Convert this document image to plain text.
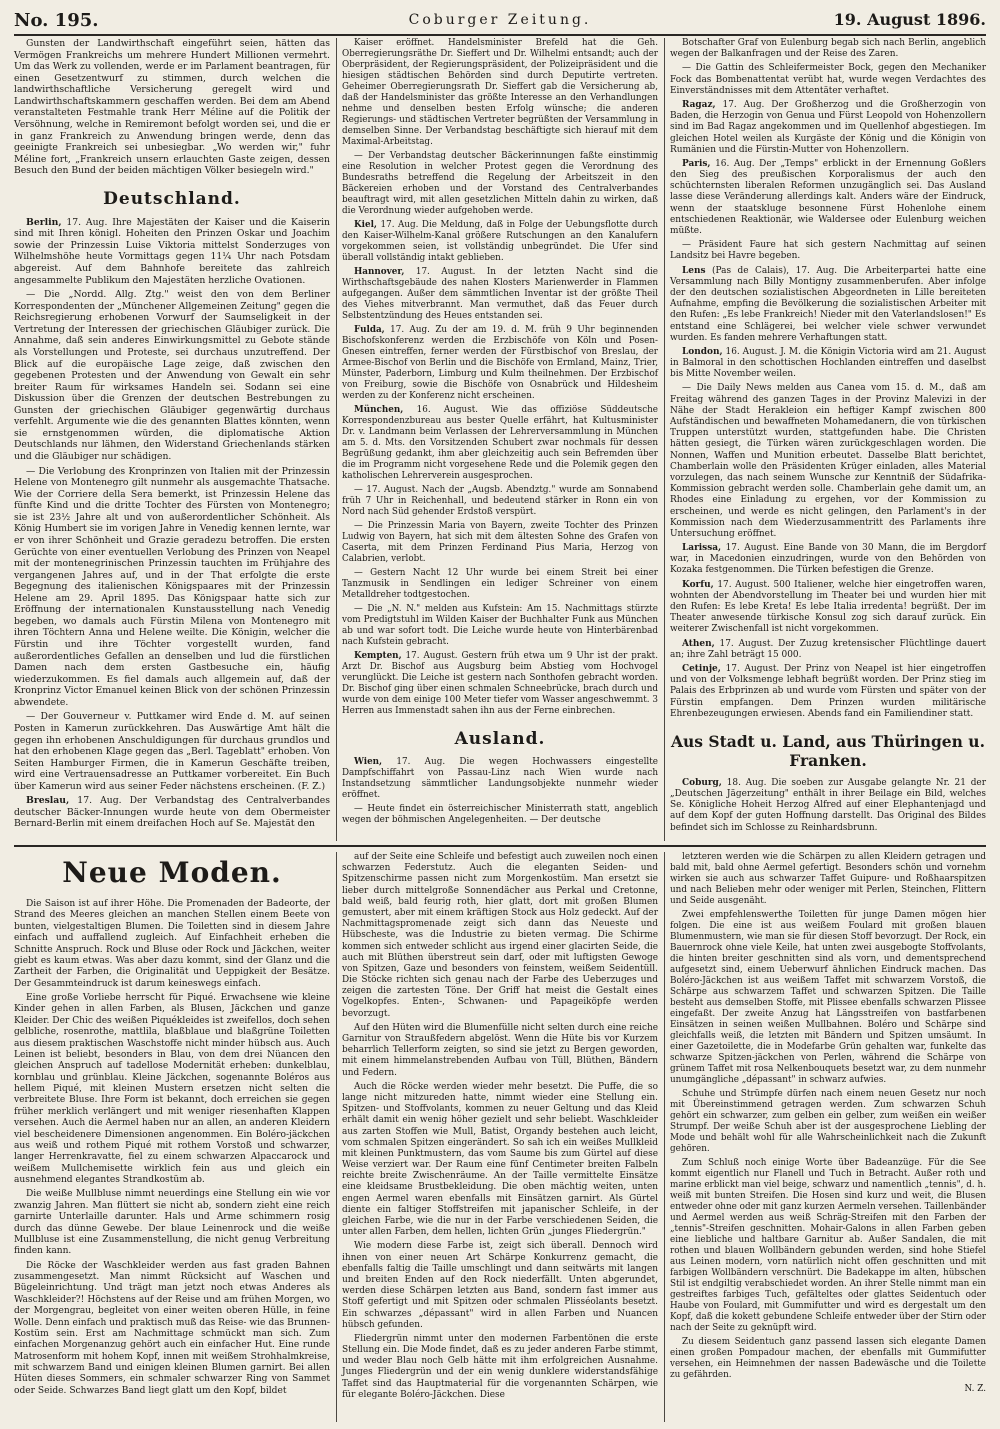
No. 195.	Coburger Zeitung.	19. August 1896.

Gunsten der Landwirthschaft eingeführt seien, hätten das Vermögen Frankreichs um mehrere Hundert Millionen vermehrt. Um das Werk zu vollenden, werde er im Parlament beantragen, für einen Gesetzentwurf zu stimmen, durch welchen die landwirthschaftliche Versicherung geregelt wird und Landwirthschaftskammern geschaffen werden. Bei dem am Abend veranstalteten Festmahle trank Herr Méline auf die Politik der Versöhnung, welche in Remiremont befolgt worden sei, und die er in ganz Frankreich zu Anwendung bringen werde, denn das geeinigte Frankreich sei unbesiegbar. „Wo werden wir," fuhr Méline fort, „Frankreich unsern erlauchten Gaste zeigen, dessen Besuch den Bund der beiden mächtigen Völker besiegeln wird."

Deutschland.

Berlin, 17. Aug. Ihre Majestäten der Kaiser und die Kaiserin sind mit Ihren königl. Hoheiten den Prinzen Oskar und Joachim sowie der Prinzessin Luise Viktoria mittelst Sonderzuges von Wilhelmshöhe heute Vormittags gegen 11¼ Uhr nach Potsdam abgereist. Auf dem Bahnhofe bereitete das zahlreich angesammelte Publikum den Majestäten herzliche Ovationen.

— Die „Nordd. Allg. Ztg." weist den von dem Berliner Korrespondenten der „Münchener Allgemeinen Zeitung" gegen die Reichsregierung erhobenen Vorwurf der Saumseligkeit in der Vertretung der Interessen der griechischen Gläubiger zurück. Die Annahme, daß sein anderes Einwirkungsmittel zu Gebote stände als Vorstellungen und Proteste, sei durchaus unzutreffend. Der Blick auf die europäische Lage zeige, daß zwischen den gegebenen Protesten und der Anwendung von Gewalt ein sehr breiter Raum für wirksames Handeln sei. Sodann sei eine Diskussion über die Grenzen der deutschen Bestrebungen zu Gunsten der griechischen Gläubiger gegenwärtig durchaus verfehlt. Argumente wie die des genannten Blattes könnten, wenn sie ernstgenommen würden, die diplomatische Aktion Deutschlands nur lähmen, den Widerstand Griechenlands stärken und die Gläubiger nur schädigen.

— Die Verlobung des Kronprinzen von Italien mit der Prinzessin Helene von Montenegro gilt nunmehr als ausgemachte Thatsache. Wie der Corriere della Sera bemerkt, ist Prinzessin Helene das fünfte Kind und die dritte Tochter des Fürsten von Montenegro; sie ist 23½ Jahre alt und von außerordentlicher Schönheit. Als König Humbert sie im vorigen Jahre in Venedig kennen lernte, war er von ihrer Schönheit und Grazie geradezu betroffen. Die ersten Gerüchte von einer eventuellen Verlobung des Prinzen von Neapel mit der montenegrinischen Prinzessin tauchten im Frühjahre des vergangenen Jahres auf, und in der That erfolgte die erste Begegnung des italienischen Königspaares mit der Prinzessin Helene am 29. April 1895. Das Königspaar hatte sich zur Eröffnung der internationalen Kunstausstellung nach Venedig begeben, wo damals auch Fürstin Milena von Montenegro mit ihren Töchtern Anna und Helene weilte. Die Königin, welcher die Fürstin und ihre Töchter vorgestellt wurden, fand außerordentliches Gefallen an denselben und lud die fürstlichen Damen nach dem ersten Gastbesuche ein, häufig wiederzukommen. Es fiel damals auch allgemein auf, daß der Kronprinz Victor Emanuel keinen Blick von der schönen Prinzessin abwendete.

— Der Gouverneur v. Puttkamer wird Ende d. M. auf seinen Posten in Kamerun zurückkehren. Das Auswärtige Amt hält die gegen ihn erhobenen Anschuldigungen für durchaus grundlos und hat den erhobenen Klage gegen das „Berl. Tageblatt" erhoben. Von Seiten Hamburger Firmen, die in Kamerun Geschäfte treiben, wird eine Vertrauensadresse an Puttkamer vorbereitet. Ein Buch über Kamerun wird aus seiner Feder nächstens erscheinen. (F. Z.)

Breslau, 17. Aug. Der Verbandstag des Centralverbandes deutscher Bäcker-Innungen wurde heute von dem Obermeister Bernard-Berlin mit einem dreifachen Hoch auf Se. Majestät den

Kaiser eröffnet. Handelsminister Brefeld hat die Geh. Oberregierungsräthe Dr. Sieffert und Dr. Wilhelmi entsandt; auch der Oberpräsident, der Regierungspräsident, der Polizeipräsident und die hiesigen städtischen Behörden sind durch Deputirte vertreten. Geheimer Oberregierungsrath Dr. Sieffert gab die Versicherung ab, daß der Handelsminister das größte Interesse an den Verhandlungen nehme und denselben besten Erfolg wünsche; die anderen Regierungs- und städtischen Vertreter begrüßten der Versammlung in demselben Sinne. Der Verbandstag beschäftigte sich hierauf mit dem Maximal-Arbeitstag.

— Der Verbandstag deutscher Bäckerinnungen faßte einstimmig eine Resolution in welcher Protest gegen die Verordnung des Bundesraths betreffend die Regelung der Arbeitszeit in den Bäckereien erhoben und der Vorstand des Centralverbandes beauftragt wird, mit allen gesetzlichen Mitteln dahin zu wirken, daß die Verordnung wieder aufgehoben werde.

Kiel, 17. Aug. Die Meldung, daß in Folge der Uebungsflotte durch den Kaiser-Wilhelm-Kanal größere Rutschungen an den Kanalufern vorgekommen seien, ist vollständig unbegründet. Die Ufer sind überall vollständig intakt geblieben.

Hannover, 17. August. In der letzten Nacht sind die Wirthschaftsgebäude des nahen Klosters Marienwerder in Flammen aufgegangen. Außer dem sämmtlichen Inventar ist der größte Theil des Viehes mitverbrannt. Man vermuthet, daß das Feuer durch Selbstentzündung des Heues entstanden sei.

Fulda, 17. Aug. Zu der am 19. d. M. früh 9 Uhr beginnenden Bischofskonferenz werden die Erzbischöfe von Köln und Posen-Gnesen eintreffen, ferner werden der Fürstbischof von Breslau, der Armee-Bischof von Berlin und die Bischöfe von Ermland, Mainz, Trier, Münster, Paderborn, Limburg und Kulm theilnehmen. Der Erzbischof von Freiburg, sowie die Bischöfe von Osnabrück und Hildesheim werden zu der Konferenz nicht erscheinen.

München, 16. August. Wie das offiziöse Süddeutsche Korrespondenzbureau aus bester Quelle erfährt, hat Kultusminister Dr. v. Landmann beim Verlassen der Lehrerversammlung in München am 5. d. Mts. den Vorsitzenden Schubert zwar nochmals für dessen Begrüßung gedankt, ihm aber gleichzeitig auch sein Befremden über die im Programm nicht vorgesehene Rede und die Polemik gegen den katholischen Lehrerverein ausgesprochen.

— 17. August. Nach der „Augsb. Abendztg." wurde am Sonnabend früh 7 Uhr in Reichenhall, und bedeutend stärker in Ronn ein von Nord nach Süd gehender Erdstoß verspürt.

— Die Prinzessin Maria von Bayern, zweite Tochter des Prinzen Ludwig von Bayern, hat sich mit dem ältesten Sohne des Grafen von Caserta, mit dem Prinzen Ferdinand Pius Maria, Herzog von Calabrien, verlobt.

— Gestern Nacht 12 Uhr wurde bei einem Streit bei einer Tanzmusik in Sendlingen ein lediger Schreiner von einem Metalldreher todtgestochen.

— Die „N. N." melden aus Kufstein: Am 15. Nachmittags stürzte vom Predigtstuhl im Wilden Kaiser der Buchhalter Funk aus München ab und war sofort todt. Die Leiche wurde heute von Hinterbärenbad nach Kufstein gebracht.

Kempten, 17. August. Gestern früh etwa um 9 Uhr ist der prakt. Arzt Dr. Bischof aus Augsburg beim Abstieg vom Hochvogel verunglückt. Die Leiche ist gestern nach Sonthofen gebracht worden. Dr. Bischof ging über einen schmalen Schneebrücke, brach durch und wurde von dem einige 100 Meter tiefer vom Wasser angeschwemmt. 3 Herren aus Immenstadt sahen ihn aus der Ferne einbrechen.

Ausland.

Wien, 17. Aug. Die wegen Hochwassers eingestellte Dampfschiffahrt von Passau-Linz nach Wien wurde nach Instandsetzung sämmtlicher Landungsobjekte nunmehr wieder eröffnet.

— Heute findet ein österreichischer Ministerrath statt, angeblich wegen der böhmischen Angelegenheiten. — Der deutsche

Botschafter Graf von Eulenburg begab sich nach Berlin, angeblich wegen der Balkanfragen und der Reise des Zaren.

— Die Gattin des Schleifermeister Bock, gegen den Mechaniker Fock das Bombenattentat verübt hat, wurde wegen Verdachtes des Einverständnisses mit dem Attentäter verhaftet.

Ragaz, 17. Aug. Der Großherzog und die Großherzogin von Baden, die Herzogin von Genua und Fürst Leopold von Hohenzollern sind im Bad Ragaz angekommen und im Quellenhof abgestiegen. Im gleichen Hotel weilen als Kurgäste der König und die Königin von Rumänien und die Fürstin-Mutter von Hohenzollern.

Paris, 16. Aug. Der „Temps" erblickt in der Ernennung Goßlers den Sieg des preußischen Korporalismus der auch den schüchternsten liberalen Reformen unzugänglich sei. Das Ausland lasse diese Veränderung allerdings kalt. Anders wäre der Eindruck, wenn der staatskluge besonnene Fürst Hohenlohe einem entschiedenen Reaktionär, wie Waldersee oder Eulenburg weichen müßte.

— Präsident Faure hat sich gestern Nachmittag auf seinen Landsitz bei Havre begeben.

Lens (Pas de Calais), 17. Aug. Die Arbeiterpartei hatte eine Versammlung nach Billy Montigny zusammenberufen. Aber infolge der den deutschen sozialistischen Abgeordneten in Lille bereiteten Aufnahme, empfing die Bevölkerung die sozialistischen Arbeiter mit den Rufen: „Es lebe Frankreich! Nieder mit den Vaterlandslosen!" Es entstand eine Schlägerei, bei welcher viele schwer verwundet wurden. Es fanden mehrere Verhaftungen statt.

London, 16. August. J. M. die Königin Victoria wird am 21. August in Balmoral in den schottischen Hochlanden eintreffen und daselbst bis Mitte November weilen.

— Die Daily News melden aus Canea vom 15. d. M., daß am Freitag während des ganzen Tages in der Provinz Malevizi in der Nähe der Stadt Herakleion ein heftiger Kampf zwischen 800 Aufständischen und bewaffneten Mohamedanern, die von türkischen Truppen unterstützt wurden, stattgefunden habe. Die Christen hätten gesiegt, die Türken wären zurückgeschlagen worden. Die Nonnen, Waffen und Munition erbeutet. Dasselbe Blatt berichtet, Chamberlain wolle den Präsidenten Krüger einladen, alles Material vorzulegen, das nach seinem Wunsche zur Kenntniß der Südafrika-Kommission gebracht werden solle. Chamberlain gehe damit um, an Rhodes eine Einladung zu ergehen, vor der Kommission zu erscheinen, und werde es nicht gelingen, den Parlament's in der Kommission nach dem Wiederzusammentritt des Parlaments ihre Untersuchung eröffnet.

Larissa, 17. August. Eine Bande von 30 Mann, die im Bergdorf war, in Macedonien einzudringen, wurde von den Behörden von Kozaka festgenommen. Die Türken befestigen die Grenze.

Korfu, 17. August. 500 Italiener, welche hier eingetroffen waren, wohnten der Abendvorstellung im Theater bei und wurden hier mit den Rufen: Es lebe Kreta! Es lebe Italia irredenta! begrüßt. Der im Theater anwesende türkische Konsul zog sich darauf zurück. Ein weiterer Zwischenfall ist nicht vorgekommen.

Athen, 17. August. Der Zuzug kretensischer Flüchtlinge dauert an; ihre Zahl beträgt 15 000.

Cetinje, 17. August. Der Prinz von Neapel ist hier eingetroffen und von der Volksmenge lebhaft begrüßt worden. Der Prinz stieg im Palais des Erbprinzen ab und wurde vom Fürsten und später von der Fürstin empfangen. Dem Prinzen wurden militärische Ehrenbezeugungen erwiesen. Abends fand ein Familiendiner statt.

Aus Stadt u. Land, aus Thüringen u. Franken.

Coburg, 18. Aug. Die soeben zur Ausgabe gelangte Nr. 21 der „Deutschen Jägerzeitung" enthält in ihrer Beilage ein Bild, welches Se. Königliche Hoheit Herzog Alfred auf einer Elephantenjagd und auf dem Kopf der guten Hoffnung darstellt. Das Original des Bildes befindet sich im Schlosse zu Reinhardsbrunn.

Neue Moden.

Die Saison ist auf ihrer Höhe. Die Promenaden der Badeorte, der Strand des Meeres gleichen an manchen Stellen einem Beete von bunten, vielgestaltigen Blumen. Die Toiletten sind in diesem Jahre einfach und auffallend zugleich. Auf Einfachheit erheben die Schnitte Anspruch. Rock und Bluse oder Rock und Jäckchen, weiter giebt es kaum etwas. Was aber dazu kommt, sind der Glanz und die Zartheit der Farben, die Originalität und Ueppigkeit der Besätze. Der Gesammteindruck ist darum keineswegs einfach.

Eine große Vorliebe herrscht für Piqué. Erwachsene wie kleine Kinder gehen in allen Farben, als Blusen, Jäckchen und ganze Kleider. Der Chic des weißen Piquékleides ist zweifellos, doch sehen gelbliche, rosenrothe, mattlila, blaßblaue und blaßgrüne Toiletten aus diesem praktischen Waschstoffe nicht minder hübsch aus. Auch Leinen ist beliebt, besonders in Blau, von dem drei Nüancen den gleichen Anspruch auf tadellose Modernität erheben: dunkelblau, kornblau und grünblau. Kleine Jäckchen, sogenannte Boléros aus hellem Piqué, mit kleinen Mustern ersetzen nicht selten die verbreitete Bluse. Ihre Form ist bekannt, doch erreichen sie gegen früher merklich verlängert und mit weniger riesenhaften Klappen versehen. Auch die Aermel haben nur an allen, an anderen Kleidern viel bescheidenere Dimensionen angenommen. Ein Boléro-jäckchen aus weiß und rothem Piqué mit rothem Vorstoß und schwarzer, langer Herrenkravatte, fiel zu einem schwarzen Alpaccarock und weißem Mullchemisette wirklich fein aus und gleich ein ausnehmend elegantes Strandkostüm ab.

Die weiße Mullbluse nimmt neuerdings eine Stellung ein wie vor zwanzig Jahren. Man flüttert sie nicht ab, sondern zieht eine reich garnirte Unterlaille darunter. Hals und Arme schimmern rosig durch das dünne Gewebe. Der blaue Leinenrock und die weiße Mullbluse ist eine Zusammenstellung, die nicht genug Verbreitung finden kann.

Die Röcke der Waschkleider werden aus fast graden Bahnen zusammengesetzt. Man nimmt Rücksicht auf Waschen und Bügeleinrichtung. Und trägt man jetzt noch etwas Anderes als Waschkleider?! Höchstens auf der Reise und am frühen Morgen, wo der Morgengrau, begleitet von einer weiten oberen Hülle, in feine Wolle. Denn einfach und praktisch muß das Reise- wie das Brunnen-Kostüm sein. Erst am Nachmittage schmückt man sich. Zum einfachen Morgenanzug gehört auch ein einfacher Hut. Eine runde Matrosenform mit hohem Kopf, innen mit weißem Strohhalmkreise, mit schwarzem Band und einigen kleinen Blumen garnirt. Bei allen Hüten dieses Sommers, ein schmaler schwarzer Ring von Sammet oder Seide. Schwarzes Band liegt glatt um den Kopf, bildet

auf der Seite eine Schleife und befestigt auch zuweilen noch einen schwarzen Federstutz. Auch die eleganten Seiden- und Spitzenschirme passen nicht zum Morgenkostüm. Man ersetzt sie lieber durch mittelgroße Sonnendächer aus Perkal und Cretonne, bald weiß, bald feurig roth, hier glatt, dort mit großen Blumen gemustert, aber mit einem kräftigen Stock aus Holz gedeckt. Auf der Nachmittagspromenade zeigt sich dann das Neueste und Hübscheste, was die Industrie zu bieten vermag. Die Schirme kommen sich entweder schlicht aus irgend einer glacirten Seide, die auch mit Blüthen überstreut sein darf, oder mit luftigsten Gewoge von Spitzen, Gaze und besonders von feinstem, weißem Seidentüll. Die Stöcke richten sich genau nach der Farbe des Ueberzuges und zeigen die zartesten Töne. Der Griff hat meist die Gestalt eines Vogelkopfes. Enten-, Schwanen- und Papageiköpfe werden bevorzugt.

Auf den Hüten wird die Blumenfülle nicht selten durch eine reiche Garnitur von Straußfedern abgelöst. Wenn die Hüte bis vor Kurzem beharrlich Tellerform zeigten, so sind sie jetzt zu Bergen geworden, mit einem himmelanstrebenden Aufbau von Tüll, Blüthen, Bändern und Federn.

Auch die Röcke werden wieder mehr besetzt. Die Puffe, die so lange nicht mitzureden hatte, nimmt wieder eine Stellung ein. Spitzen- und Stoffvolants, kommen zu neuer Geltung und das Kleid erhält damit ein wenig höher gezielt und sehr beliebt. Waschkleider aus zarten Stoffen wie Mull, Batist, Organdy bestehen auch leicht, vom schmalen Spitzen eingerändert. So sah ich ein weißes Mullkleid mit kleinen Punktmustern, das vom Saume bis zum Gürtel auf diese Weise verziert war. Der Raum eine fünf Centimeter breiten Falbeln reichte breite Zwischenräume. An der Taille vermittelte Einsätze eine kleidsame Brustbekleidung. Die oben mächtig weiten, unten engen Aermel waren ebenfalls mit Einsätzen garnirt. Als Gürtel diente ein faltiger Stoffstreifen mit japanischer Schleife, in der gleichen Farbe, wie die nur in der Farbe verschiedenen Seiden, die unter allen Farben, dem hellen, lichten Grün „junges Fliedergrün."

Wie modern diese Farbe ist, zeigt sich überall. Dennoch wird ihnen von einer neuen Art Schärpe Konkurrenz gemacht, die ebenfalls faltig die Taille umschlingt und dann seitwärts mit langen und breiten Enden auf den Rock niederfällt. Unten abgerundet, werden diese Schärpen letzten aus Band, sondern fast immer aus Stoff gefertigt und mit Spitzen oder schmalen Plisséolants besetzt. Ein schwarzes „dépassant" wird in allen Farben und Nuancen hübsch gefunden.

Fliedergrün nimmt unter den modernen Farbentönen die erste Stellung ein. Die Mode findet, daß es zu jeder anderen Farbe stimmt, und weder Blau noch Gelb hätte mit ihm erfolgreichen Ausnahme. Junges Fliedergrün und der ein wenig dunklere widerstandsfähige Taffet sind das Hauptmaterial für die vorgenannten Schärpen, wie für elegante Boléro-Jäckchen. Diese

letzteren werden wie die Schärpen zu allen Kleidern getragen und bald mit, bald ohne Aermel gefertigt. Besonders schön und vornehm wirken sie auch aus schwarzer Taffet Guipure- und Roßhaarspitzen und nach Belieben mehr oder weniger mit Perlen, Steinchen, Flittern und Seide ausgenäht.

Zwei empfehlenswerthe Toiletten für junge Damen mögen hier folgen. Die eine ist aus weißem Foulard mit großen blauen Blumenmustern, wie man sie für diesen Stoff bevorzugt. Der Rock, ein Bauernrock ohne viele Keile, hat unten zwei ausgebogte Stoffvolants, die hinten breiter geschnitten sind als vorn, und dementsprechend aufgesetzt sind, einem Ueberwurf ähnlichen Eindruck machen. Das Boléro-Jäckchen ist aus weißem Taffet mit schwarzem Vorstoß, die Schärpe aus schwarzem Taffet und schwarzen Spitzen. Die Taille besteht aus demselben Stoffe, mit Plissee ebenfalls schwarzen Plissee eingefaßt. Der zweite Anzug hat Längsstreifen von bastfarbenen Einsätzen in seinen weißen Mullbahnen. Boléro und Schärpe sind gleichfalls weiß, die letzten mit Bändern und Spitzen umsäumt. In einer Gazetoilette, die in Modefarbe Grün gehalten war, funkelte das schwarze Spitzen-jäckchen von Perlen, während die Schärpe von grünem Taffet mit rosa Nelkenbouquets besetzt war, zu dem nunmehr unumgängliche „dépassant" in schwarz aufwies.

Schuhe und Strümpfe dürfen nach einem neuen Gesetz nur noch mit Übereinstimmend getragen werden. Zum schwarzen Schuh gehört ein schwarzer, zum gelben ein gelber, zum weißen ein weißer Strumpf. Der weiße Schuh aber ist der ausgesprochene Liebling der Mode und behält wohl für alle Wahrscheinlichkeit nach die Zukunft gehören.

Zum Schluß noch einige Worte über Badeanzüge. Für die See kommt eigentlich nur Flanell und Tuch in Betracht. Außer roth und marine erblickt man viel beige, schwarz und namentlich „tennis", d. h. weiß mit bunten Streifen. Die Hosen sind kurz und weit, die Blusen entweder ohne oder mit ganz kurzen Aermeln versehen. Taillenbänder und Aermel werden aus weiß Schräg-Streifen mit den Farben der „tennis"-Streifen geschnitten. Mohair-Galons in allen Farben geben eine liebliche und haltbare Garnitur ab. Außer Sandalen, die mit rothen und blauen Wollbändern gebunden werden, sind hohe Stiefel aus Leinen modern, vorn natürlich nicht offen geschnitten und mit farbigen Wollbändern verschnürt. Die Badekappe im alten, hübschen Stil ist endgiltig verabschiedet worden. An ihrer Stelle nimmt man ein gestreiftes farbiges Tuch, gefälteltes oder glattes Seidentuch oder Haube von Foulard, mit Gummifutter und wird es dergestalt um den Kopf, daß die kokett gebundene Schleife entweder über der Stirn oder nach der Seite zu geknüpft wird.

Zu diesem Seidentuch ganz passend lassen sich elegante Damen einen großen Pompadour machen, der ebenfalls mit Gummifutter versehen, ein Heimnehmen der nassen Badewäsche und die Toilette zu gefährden.

N. Z.
